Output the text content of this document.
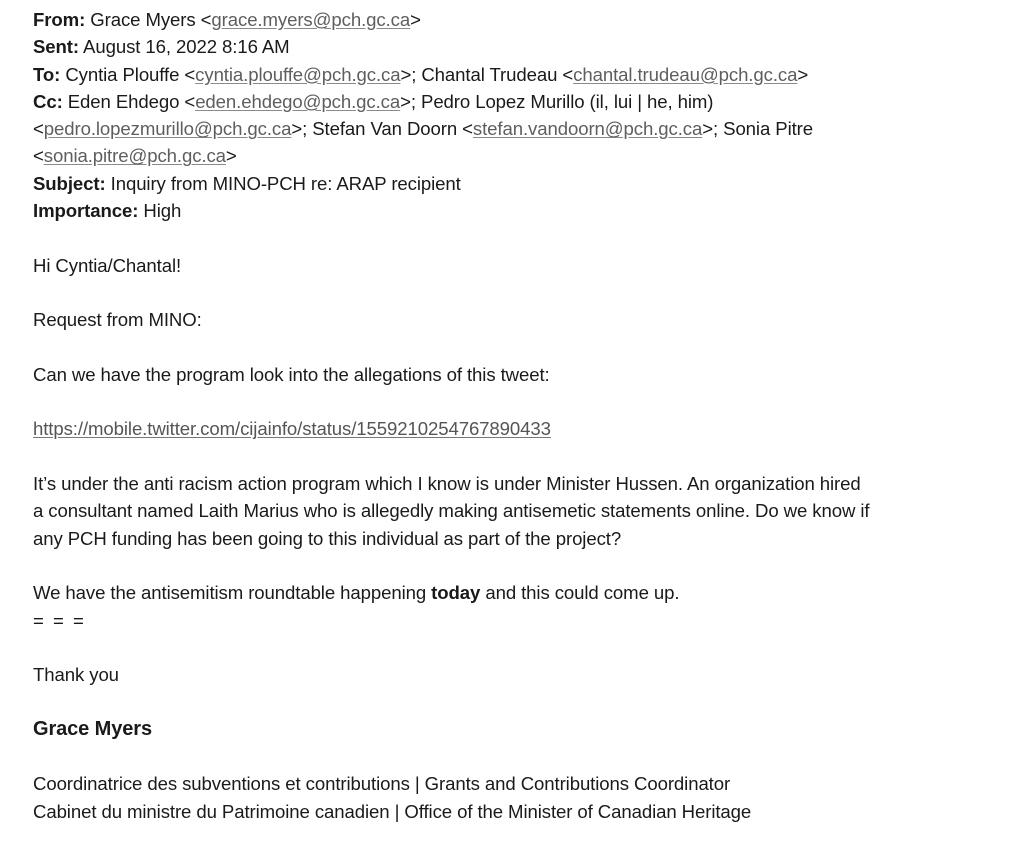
From: Grace Myers <grace.myers@pch.gc.ca>
Sent: August 16, 2022 8:16 AM
To: Cyntia Plouffe <cyntia.plouffe@pch.gc.ca>; Chantal Trudeau <chantal.trudeau@pch.gc.ca>
Cc: Eden Ehdego <eden.ehdego@pch.gc.ca>; Pedro Lopez Murillo (il, lui | he, him)
<pedro.lopezmurillo@pch.gc.ca>; Stefan Van Doorn <stefan.vandoorn@pch.gc.ca>; Sonia Pitre
<sonia.pitre@pch.gc.ca>
Subject: Inquiry from MINO-PCH re: ARAP recipient
Importance: High
Hi Cyntia/Chantal!
Request from MINO:
Can we have the program look into the allegations of this tweet:
https://mobile.twitter.com/cijainfo/status/1559210254767890433
It’s under the anti racism action program which I know is under Minister Hussen. An organization hired
a consultant named Laith Marius who is allegedly making antisemetic statements online. Do we know if
any PCH funding has been going to this individual as part of the project?
We have the antisemitism roundtable happening today and this could come up.
= = =
Thank you
Grace Myers
Coordinatrice des subventions et contributions | Grants and Contributions Coordinator
Cabinet du ministre du Patrimoine canadien | Office of the Minister of Canadian Heritage
